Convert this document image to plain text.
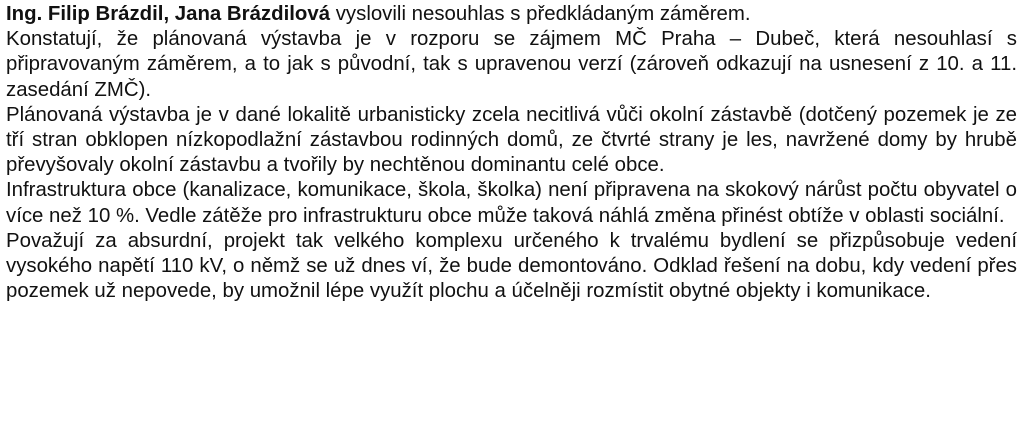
Ing. Filip Brázdil, Jana Brázdilová vyslovili nesouhlas s předkládaným záměrem.

Konstatují, že plánovaná výstavba je v rozporu se zájmem MČ Praha – Dubeč, která nesouhlasí s připravovaným záměrem, a to jak s původní, tak s upravenou verzí (zároveň odkazují na usnesení z 10. a 11. zasedání ZMČ).

Plánovaná výstavba je v dané lokalitě urbanisticky zcela necitlivá vůči okolní zástavbě (dotčený pozemek je ze tří stran obklopen nízkopodlažní zástavbou rodinných domů, ze čtvrté strany je les, navržené domy by hrubě převyšovaly okolní zástavbu a tvořily by nechtěnou dominantu celé obce.

Infrastruktura obce (kanalizace, komunikace, škola, školka) není připravena na skokový nárůst počtu obyvatel o více než 10 %. Vedle zátěže pro infrastrukturu obce může taková náhlá změna přinést obtíže v oblasti sociální.

Považují za absurdní, projekt tak velkého komplexu určeného k trvalému bydlení se přizpůsobuje vedení vysokého napětí 110 kV, o němž se už dnes ví, že bude demontováno. Odklad řešení na dobu, kdy vedení přes pozemek už nepovede, by umožnil lépe využít plochu a účelněji rozmístit obytné objekty i komunikace.
